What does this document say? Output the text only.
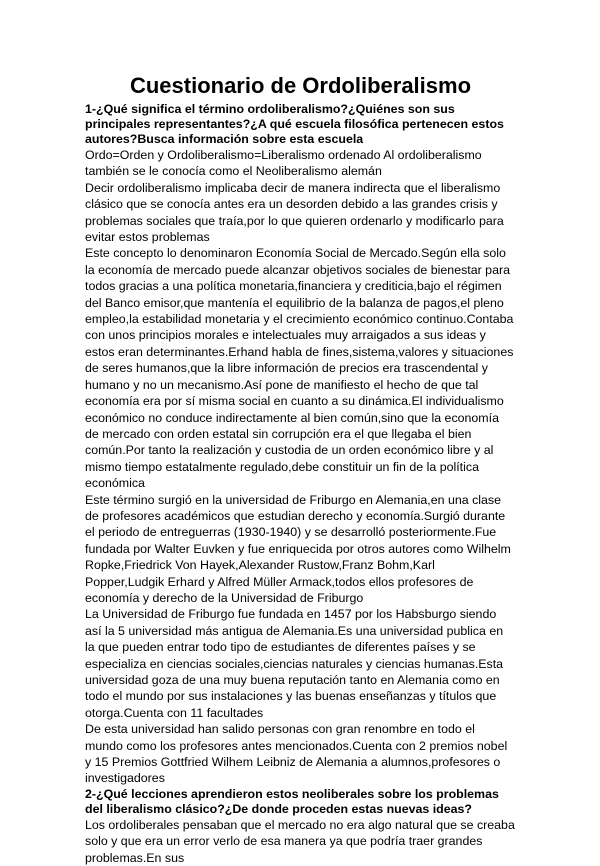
Cuestionario de Ordoliberalismo
1-¿Qué significa el término ordoliberalismo?¿Quiénes son sus principales representantes?¿A qué escuela filosófica pertenecen estos autores?Busca información sobre esta escuela
Ordo=Orden y Ordoliberalismo=Liberalismo ordenado Al ordoliberalismo también se le conocía como el Neoliberalismo alemán
Decir ordoliberalismo implicaba decir de manera indirecta que el liberalismo clásico que se conocía antes era un desorden debido a las grandes crisis y problemas sociales que traía,por lo que quieren ordenarlo y modificarlo para evitar estos problemas
Este concepto lo denominaron Economía Social de Mercado.Según ella solo la economía de mercado puede alcanzar objetivos sociales de bienestar para todos gracias a una política monetaria,financiera y crediticia,bajo el régimen del Banco emisor,que mantenía el equilibrio de la balanza de pagos,el pleno empleo,la estabilidad monetaria y el crecimiento económico continuo.Contaba con unos principios morales e intelectuales muy arraigados a sus ideas y estos eran determinantes.Erhand habla de fines,sistema,valores y situaciones de seres humanos,que la libre información de precios era trascendental y humano y no un mecanismo.Así pone de manifiesto el hecho de que tal economía era por sí misma social en cuanto a su dinámica.El individualismo económico no conduce indirectamente al bien común,sino que la economía de mercado con orden estatal sin corrupción era el que llegaba el bien común.Por tanto la realización y custodia de un orden económico libre y al mismo tiempo estatalmente regulado,debe constituir un fin de la política económica
Este término surgió en la universidad de Friburgo en Alemania,en una clase de profesores académicos que estudian derecho y economía.Surgió durante el periodo de entreguerras (1930-1940) y se desarrolló posteriormente.Fue fundada por Walter Euvken y fue enriquecida por otros autores como Wilhelm Ropke,Friedrick Von Hayek,Alexander Rustow,Franz Bohm,Karl Popper,Ludgik Erhard y Alfred Müller Armack,todos ellos profesores de economía y derecho de la Universidad de Friburgo
La Universidad de Friburgo fue fundada en 1457 por los Habsburgo siendo así la 5 universidad más antigua de Alemania.Es una universidad publica en la que pueden entrar todo tipo de estudiantes de diferentes países y se especializa en ciencias sociales,ciencias naturales y ciencias humanas.Esta universidad goza de una muy buena reputación tanto en Alemania como en todo el mundo por sus instalaciones y las buenas enseñanzas y títulos que otorga.Cuenta con 11 facultades
De esta universidad han salido personas con gran renombre en todo el mundo como los profesores antes mencionados.Cuenta con 2 premios nobel y 15 Premios Gottfried Wilhem Leibniz de Alemania a alumnos,profesores o investigadores
2-¿Qué lecciones aprendieron estos neoliberales sobre los problemas del liberalismo clásico?¿De donde proceden estas nuevas ideas?
Los ordoliberales pensaban que el mercado no era algo natural que se creaba solo y que era un error verlo de esa manera ya que podría traer grandes problemas.En sus
